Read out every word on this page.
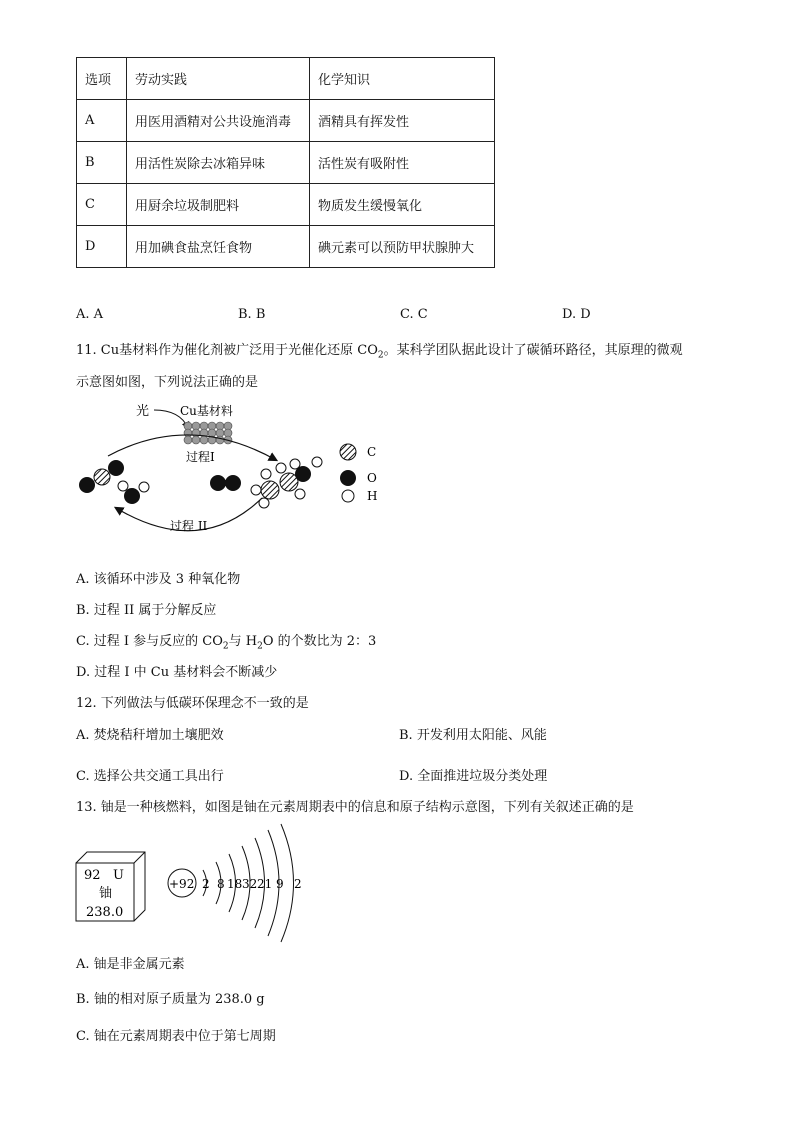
选项	劳动实践	化学知识
A	用医用酒精对公共设施消毒	酒精具有挥发性
B	用活性炭除去冰箱异味	活性炭有吸附性
C	用厨余垃圾制肥料	物质发生缓慢氧化
D	用加碘食盐烹饪食物	碘元素可以预防甲状腺肿大
A. A	B. B	C. C	D. D
11. Cu基材料作为催化剂被广泛用于光催化还原 $CO_2$。某科学团队据此设计了碳循环路径，其原理的微观
示意图如图，下列说法正确的是
光	Cu基材料
过程I
过程 II
C
O
H
A. 该循环中涉及 3 种氧化物
B. 过程 II 属于分解反应
C. 过程 I 参与反应的 $CO_2$与 $H_2O$ 的个数比为 2：3
D. 过程 I 中 Cu 基材料会不断减少
12. 下列做法与低碳环保理念不一致的是
A. 焚烧秸秆增加土壤肥效	B. 开发利用太阳能、风能
C. 选择公共交通工具出行	D. 全面推进垃圾分类处理
13. 铀是一种核燃料，如图是铀在元素周期表中的信息和原子结构示意图，下列有关叙述正确的是
92 U
铀
238.0
+92 2 8 18 32 21 9 2
A. 铀是非金属元素
B. 铀的相对原子质量为 238.0 g
C. 铀在元素周期表中位于第七周期
